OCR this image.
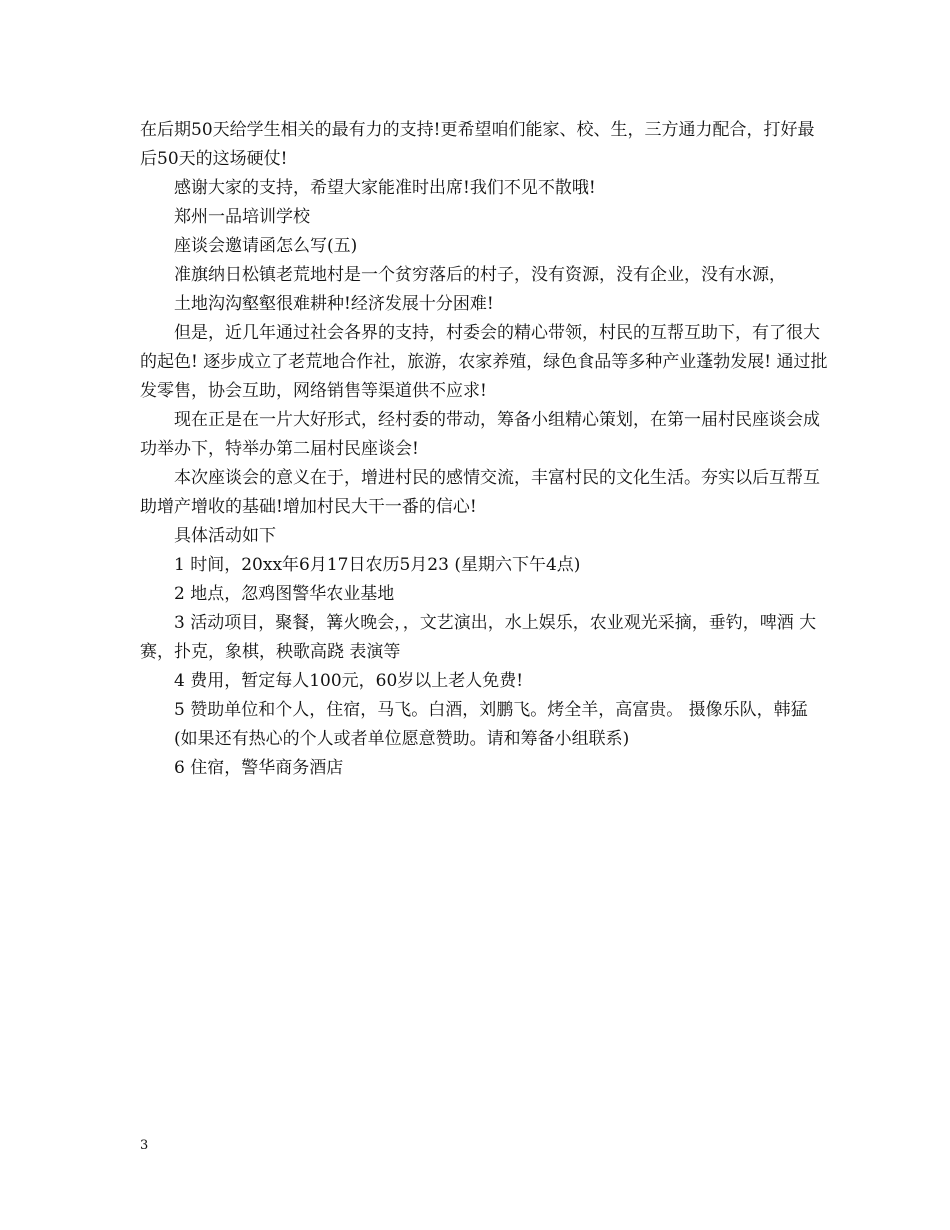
在后期50天给学生相关的最有力的支持!更希望咱们能家、校、生，三方通力配合，打好最后50天的这场硬仗!

感谢大家的支持，希望大家能准时出席!我们不见不散哦!

郑州一品培训学校

座谈会邀请函怎么写(五)

准旗纳日松镇老荒地村是一个贫穷落后的村子，没有资源，没有企业，没有水源，

土地沟沟壑壑很难耕种!经济发展十分困难!

但是，近几年通过社会各界的支持，村委会的精心带领，村民的互帮互助下，有了很大的起色! 逐步成立了老荒地合作社，旅游，农家养殖，绿色食品等多种产业蓬勃发展! 通过批发零售，协会互助，网络销售等渠道供不应求!

现在正是在一片大好形式，经村委的带动，筹备小组精心策划，在第一届村民座谈会成功举办下，特举办第二届村民座谈会!

本次座谈会的意义在于，增进村民的感情交流，丰富村民的文化生活。夯实以后互帮互助增产增收的基础!增加村民大干一番的信心!

具体活动如下

1 时间，20xx年6月17日农历5月23 (星期六下午4点)

2 地点，忽鸡图警华农业基地

3 活动项目，聚餐，篝火晚会，，文艺演出，水上娱乐，农业观光采摘，垂钓，啤酒 大赛，扑克，象棋，秧歌高跷 表演等

4 费用，暂定每人100元，60岁以上老人免费!

5 赞助单位和个人，住宿，马飞。白酒，刘鹏飞。烤全羊，高富贵。 摄像乐队，韩猛

(如果还有热心的个人或者单位愿意赞助。请和筹备小组联系)

6 住宿，警华商务酒店

3
